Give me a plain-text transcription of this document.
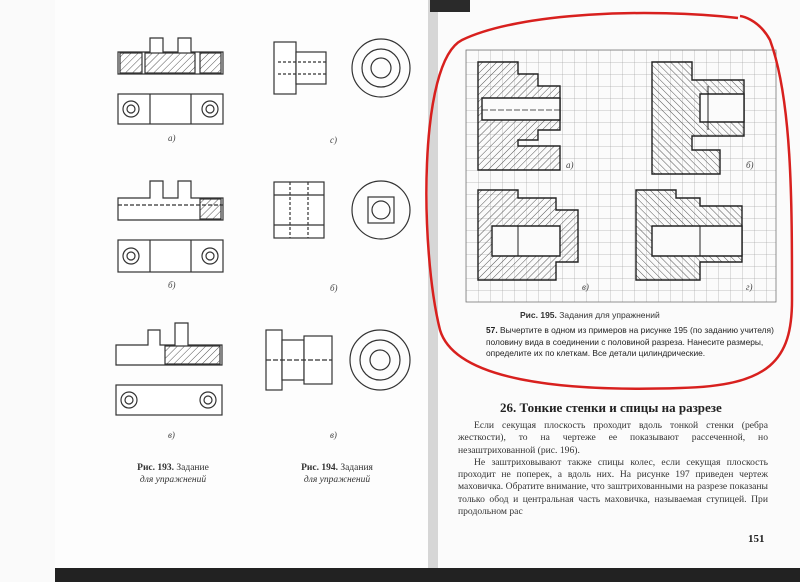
а)
б)
в)
с)
б)
в)
Рис. 193. Задание
для упражнений
Рис. 194. Задания
для упражнений
а)	б)
в)	г)
Рис. 195. Задания для упражнений
57. Вычертите в одном из примеров на рисунке 195 (по заданию учителя) половину вида в соединении с половиной разреза. Нанесите размеры, определите их по клеткам. Все детали цилиндрические.
26. Тонкие стенки и спицы на разрезе

Если секущая плоскость проходит вдоль тонкой стенки (ребра жесткости), то на чертеже ее показывают рассеченной, но незаштрихованной (рис. 196).

Не заштриховывают также спицы колес, если секущая плоскость проходит не поперек, а вдоль них. На рисунке 197 приведен чертеж маховичка. Обратите внимание, что заштрихованными на разрезе показаны только обод и центральная часть маховичка, называемая ступицей. При продольном рас

151
